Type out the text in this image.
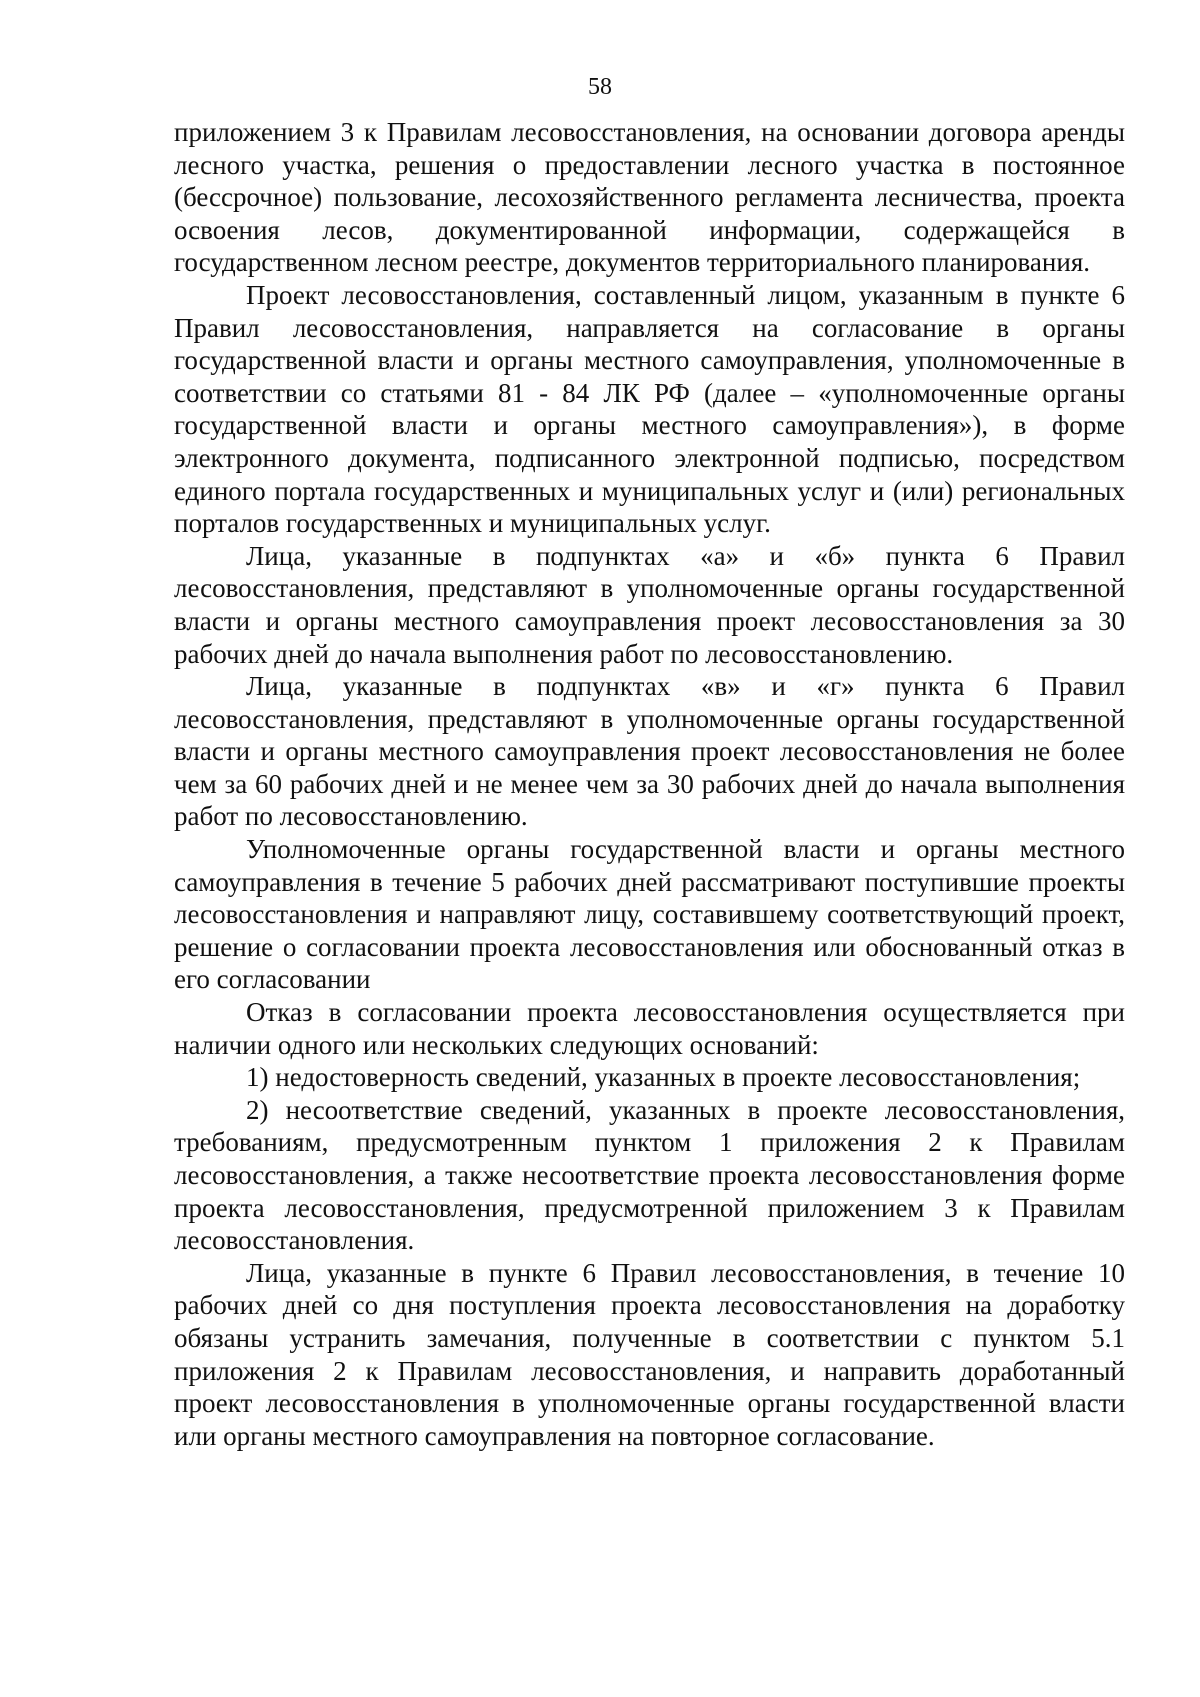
58

приложением 3 к Правилам лесовосстановления, на основании договора аренды лесного участка, решения о предоставлении лесного участка в постоянное (бессрочное) пользование, лесохозяйственного регламента лесничества, проекта освоения лесов, документированной информации, содержащейся в государственном лесном реестре, документов территориального планирования.

Проект лесовосстановления, составленный лицом, указанным в пункте 6 Правил лесовосстановления, направляется на согласование в органы государственной власти и органы местного самоуправления, уполномоченные в соответствии со статьями 81 - 84 ЛК РФ (далее – «уполномоченные органы государственной власти и органы местного самоуправления»), в форме электронного документа, подписанного электронной подписью, посредством единого портала государственных и муниципальных услуг и (или) региональных порталов государственных и муниципальных услуг.

Лица, указанные в подпунктах «а» и «б» пункта 6 Правил лесовосстановления, представляют в уполномоченные органы государственной власти и органы местного самоуправления проект лесовосстановления за 30 рабочих дней до начала выполнения работ по лесовосстановлению.

Лица, указанные в подпунктах «в» и «г» пункта 6 Правил лесовосстановления, представляют в уполномоченные органы государственной власти и органы местного самоуправления проект лесовосстановления не более чем за 60 рабочих дней и не менее чем за 30 рабочих дней до начала выполнения работ по лесовосстановлению.

Уполномоченные органы государственной власти и органы местного самоуправления в течение 5 рабочих дней рассматривают поступившие проекты лесовосстановления и направляют лицу, составившему соответствующий проект, решение о согласовании проекта лесовосстановления или обоснованный отказ в его согласовании

Отказ в согласовании проекта лесовосстановления осуществляется при наличии одного или нескольких следующих оснований:

1) недостоверность сведений, указанных в проекте лесовосстановления;

2) несоответствие сведений, указанных в проекте лесовосстановления, требованиям, предусмотренным пунктом 1 приложения 2 к Правилам лесовосстановления, а также несоответствие проекта лесовосстановления форме проекта лесовосстановления, предусмотренной приложением 3 к Правилам лесовосстановления.

Лица, указанные в пункте 6 Правил лесовосстановления, в течение 10 рабочих дней со дня поступления проекта лесовосстановления на доработку обязаны устранить замечания, полученные в соответствии с пунктом 5.1 приложения 2 к Правилам лесовосстановления, и направить доработанный проект лесовосстановления в уполномоченные органы государственной власти или органы местного самоуправления на повторное согласование.
